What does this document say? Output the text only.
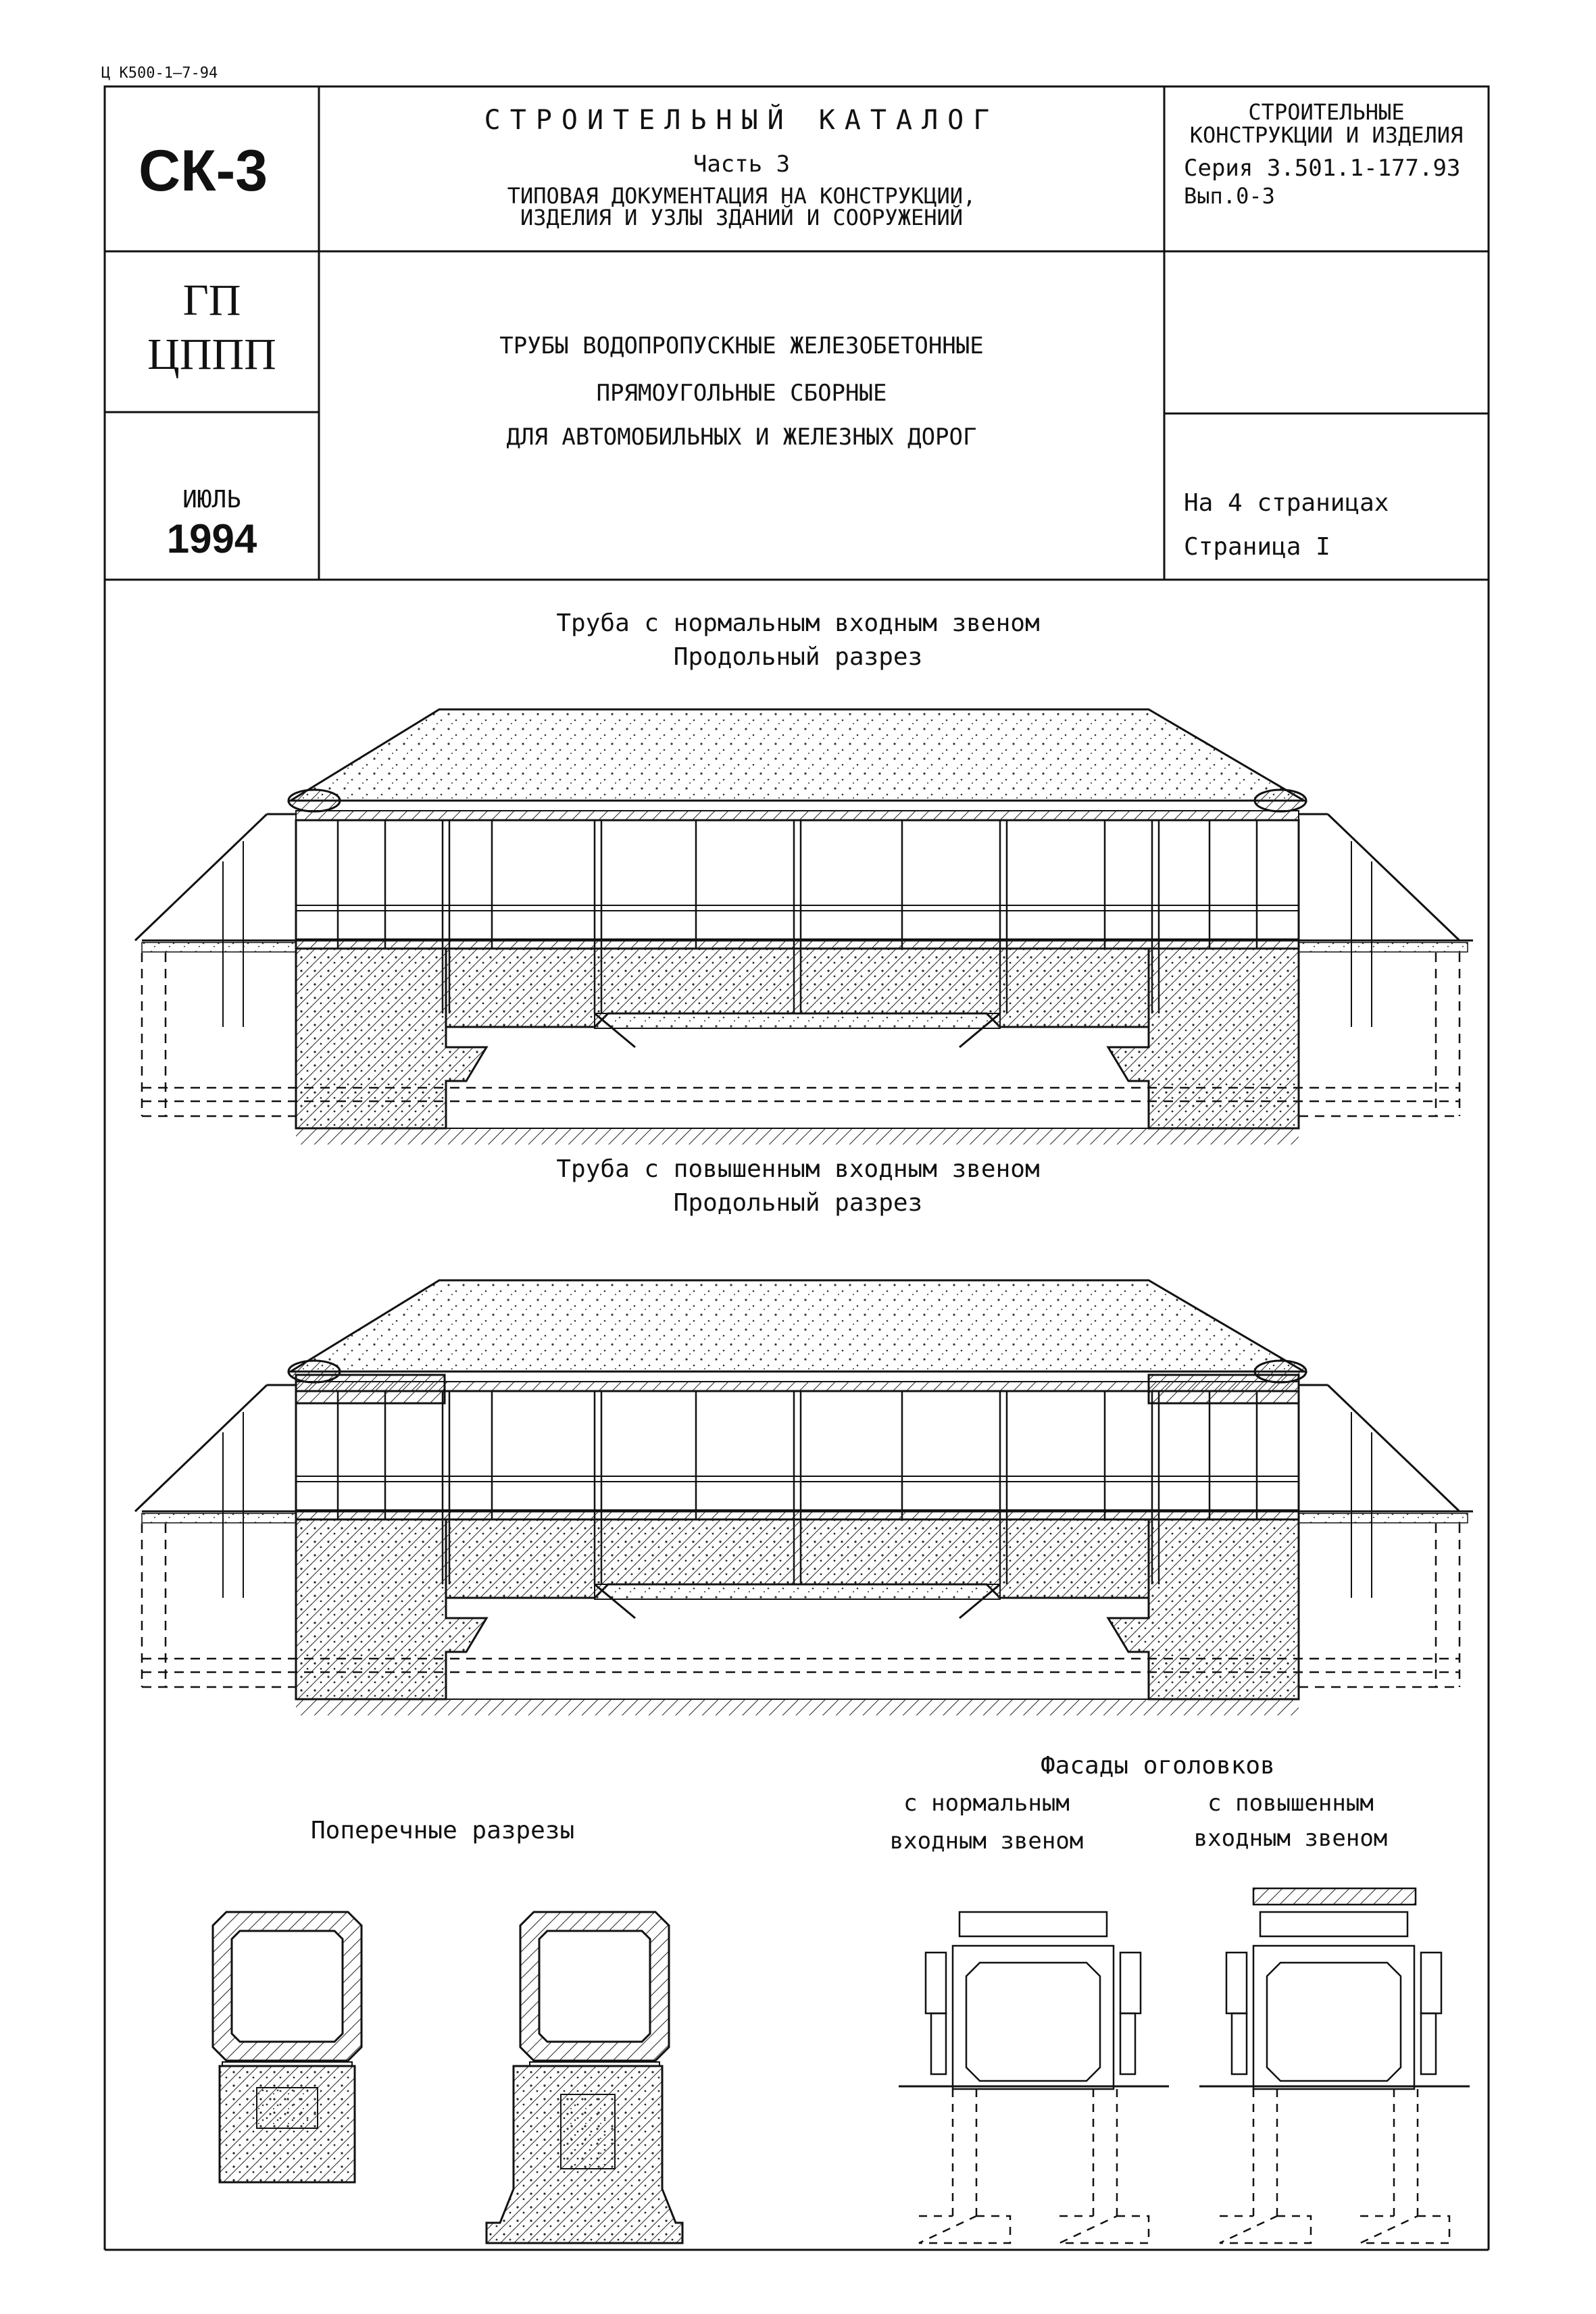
Ц К500-1—7-94
СК-3
СТРОИТЕЛЬНЫЙ КАТАЛОГ
Часть 3
ТИПОВАЯ ДОКУМЕНТАЦИЯ НА КОНСТРУКЦИИ,
ИЗДЕЛИЯ И УЗЛЫ ЗДАНИЙ И СООРУЖЕНИЙ
СТРОИТЕЛЬНЫЕ
КОНСТРУКЦИИ И ИЗДЕЛИЯ
Серия 3.501.1-177.93
Вып.0-3
ГП
ЦППП
ИЮЛЬ
1994
ТРУБЫ ВОДОПРОПУСКНЫЕ ЖЕЛЕЗОБЕТОННЫЕ
ПРЯМОУГОЛЬНЫЕ СБОРНЫЕ
ДЛЯ АВТОМОБИЛЬНЫХ И ЖЕЛЕЗНЫХ ДОРОГ
На 4 страницах
Страница I
Труба с нормальным входным звеном
Продольный разрез
Труба с повышенным входным звеном
Продольный разрез
Поперечные разрезы
Фасады оголовков
с нормальным
входным звеном
с повышенным
входным звеном
